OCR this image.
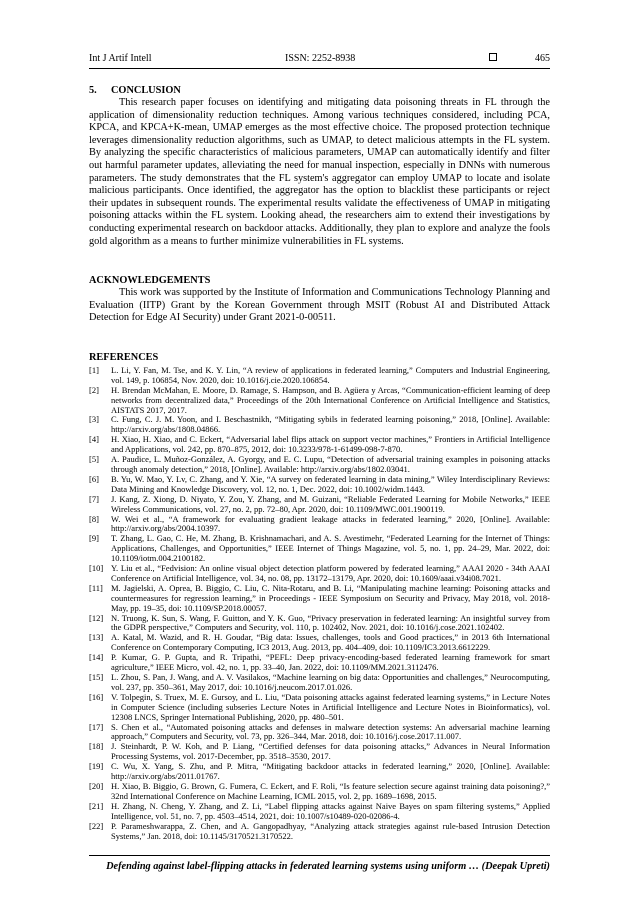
Int J Artif Intell	ISSN: 2252-8938	465

5. CONCLUSION

This research paper focuses on identifying and mitigating data poisoning threats in FL through the application of dimensionality reduction techniques. Among various techniques considered, including PCA, KPCA, and KPCA+K-mean, UMAP emerges as the most effective choice. The proposed protection technique leverages dimensionality reduction algorithms, such as UMAP, to detect malicious attempts in the FL system. By analyzing the specific characteristics of malicious parameters, UMAP can automatically identify and filter out harmful parameter updates, alleviating the need for manual inspection, especially in DNNs with numerous parameters. The study demonstrates that the FL system's aggregator can employ UMAP to locate and isolate malicious participants. Once identified, the aggregator has the option to blacklist these participants or reject their updates in subsequent rounds. The experimental results validate the effectiveness of UMAP in mitigating poisoning attacks within the FL system. Looking ahead, the researchers aim to extend their investigations by conducting experimental research on backdoor attacks. Additionally, they plan to explore and analyze the fools gold algorithm as a means to further minimize vulnerabilities in FL systems.

ACKNOWLEDGEMENTS

This work was supported by the Institute of Information and Communications Technology Planning and Evaluation (IITP) Grant by the Korean Government through MSIT (Robust AI and Distributed Attack Detection for Edge AI Security) under Grant 2021-0-00511.

REFERENCES

[1]	L. Li, Y. Fan, M. Tse, and K. Y. Lin, “A review of applications in federated learning,” Computers and Industrial Engineering, vol. 149, p. 106854, Nov. 2020, doi: 10.1016/j.cie.2020.106854.
[2]	H. Brendan McMahan, E. Moore, D. Ramage, S. Hampson, and B. Agüera y Arcas, “Communication-efficient learning of deep networks from decentralized data,” Proceedings of the 20th International Conference on Artificial Intelligence and Statistics, AISTATS 2017, 2017.
[3]	C. Fung, C. J. M. Yoon, and I. Beschastnikh, “Mitigating sybils in federated learning poisoning,” 2018, [Online]. Available: http://arxiv.org/abs/1808.04866.
[4]	H. Xiao, H. Xiao, and C. Eckert, “Adversarial label flips attack on support vector machines,” Frontiers in Artificial Intelligence and Applications, vol. 242, pp. 870–875, 2012, doi: 10.3233/978-1-61499-098-7-870.
[5]	A. Paudice, L. Muñoz-González, A. Gyorgy, and E. C. Lupu, “Detection of adversarial training examples in poisoning attacks through anomaly detection,” 2018, [Online]. Available: http://arxiv.org/abs/1802.03041.
[6]	B. Yu, W. Mao, Y. Lv, C. Zhang, and Y. Xie, “A survey on federated learning in data mining,” Wiley Interdisciplinary Reviews: Data Mining and Knowledge Discovery, vol. 12, no. 1, Dec. 2022, doi: 10.1002/widm.1443.
[7]	J. Kang, Z. Xiong, D. Niyato, Y. Zou, Y. Zhang, and M. Guizani, “Reliable Federated Learning for Mobile Networks,” IEEE Wireless Communications, vol. 27, no. 2, pp. 72–80, Apr. 2020, doi: 10.1109/MWC.001.1900119.
[8]	W. Wei et al., “A framework for evaluating gradient leakage attacks in federated learning,” 2020, [Online]. Available: http://arxiv.org/abs/2004.10397.
[9]	T. Zhang, L. Gao, C. He, M. Zhang, B. Krishnamachari, and A. S. Avestimehr, “Federated Learning for the Internet of Things: Applications, Challenges, and Opportunities,” IEEE Internet of Things Magazine, vol. 5, no. 1, pp. 24–29, Mar. 2022, doi: 10.1109/iotm.004.2100182.
[10] Y. Liu et al., “Fedvision: An online visual object detection platform powered by federated learning,” AAAI 2020 - 34th AAAI Conference on Artificial Intelligence, vol. 34, no. 08, pp. 13172–13179, Apr. 2020, doi: 10.1609/aaai.v34i08.7021.
[11] M. Jagielski, A. Oprea, B. Biggio, C. Liu, C. Nita-Rotaru, and B. Li, “Manipulating machine learning: Poisoning attacks and countermeasures for regression learning,” in Proceedings - IEEE Symposium on Security and Privacy, May 2018, vol. 2018-May, pp. 19–35, doi: 10.1109/SP.2018.00057.
[12] N. Truong, K. Sun, S. Wang, F. Guitton, and Y. K. Guo, “Privacy preservation in federated learning: An insightful survey from the GDPR perspective,” Computers and Security, vol. 110, p. 102402, Nov. 2021, doi: 10.1016/j.cose.2021.102402.
[13] A. Katal, M. Wazid, and R. H. Goudar, “Big data: Issues, challenges, tools and Good practices,” in 2013 6th International Conference on Contemporary Computing, IC3 2013, Aug. 2013, pp. 404–409, doi: 10.1109/IC3.2013.6612229.
[14] P. Kumar, G. P. Gupta, and R. Tripathi, “PEFL: Deep privacy-encoding-based federated learning framework for smart agriculture,” IEEE Micro, vol. 42, no. 1, pp. 33–40, Jan. 2022, doi: 10.1109/MM.2021.3112476.
[15] L. Zhou, S. Pan, J. Wang, and A. V. Vasilakos, “Machine learning on big data: Opportunities and challenges,” Neurocomputing, vol. 237, pp. 350–361, May 2017, doi: 10.1016/j.neucom.2017.01.026.
[16] V. Tolpegin, S. Truex, M. E. Gursoy, and L. Liu, “Data poisoning attacks against federated learning systems,” in Lecture Notes in Computer Science (including subseries Lecture Notes in Artificial Intelligence and Lecture Notes in Bioinformatics), vol. 12308 LNCS, Springer International Publishing, 2020, pp. 480–501.
[17] S. Chen et al., “Automated poisoning attacks and defenses in malware detection systems: An adversarial machine learning approach,” Computers and Security, vol. 73, pp. 326–344, Mar. 2018, doi: 10.1016/j.cose.2017.11.007.
[18] J. Steinhardt, P. W. Koh, and P. Liang, “Certified defenses for data poisoning attacks,” Advances in Neural Information Processing Systems, vol. 2017-December, pp. 3518–3530, 2017.
[19] C. Wu, X. Yang, S. Zhu, and P. Mitra, “Mitigating backdoor attacks in federated learning,” 2020, [Online]. Available: http://arxiv.org/abs/2011.01767.
[20] H. Xiao, B. Biggio, G. Brown, G. Fumera, C. Eckert, and F. Roli, “Is feature selection secure against training data poisoning?,” 32nd International Conference on Machine Learning, ICML 2015, vol. 2, pp. 1689–1698, 2015.
[21] H. Zhang, N. Cheng, Y. Zhang, and Z. Li, “Label flipping attacks against Naive Bayes on spam filtering systems,” Applied Intelligence, vol. 51, no. 7, pp. 4503–4514, 2021, doi: 10.1007/s10489-020-02086-4.
[22] P. Parameshwarappa, Z. Chen, and A. Gangopadhyay, “Analyzing attack strategies against rule-based Intrusion Detection Systems,” Jan. 2018, doi: 10.1145/3170521.3170522.
Defending against label-flipping attacks in federated learning systems using uniform … (Deepak Upreti)
